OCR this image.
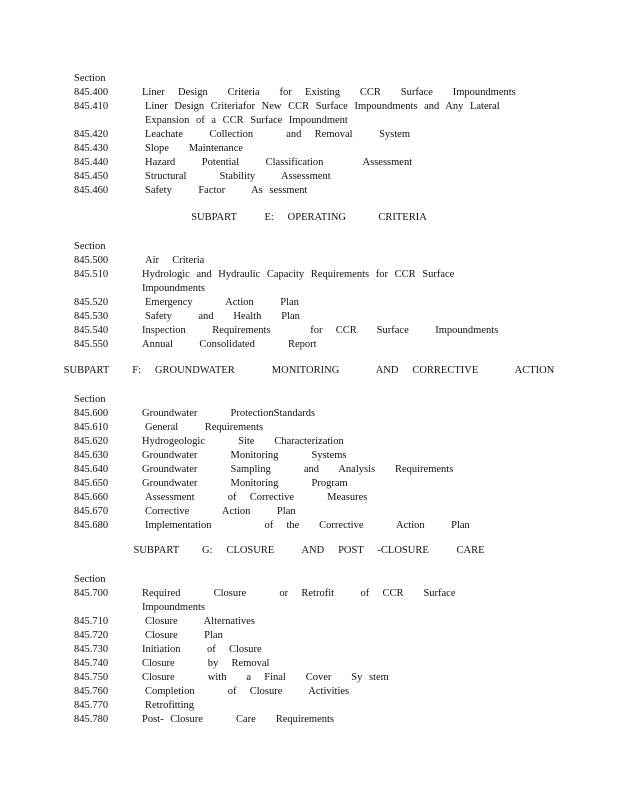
Section
845.400	Liner  Design   Criteria   for  Existing   CCR   Surface   Impoundments
845.410	Liner Design Criteriafor New CCR Surface Impoundments and Any Lateral Expansion of a CCR Surface Impoundment
845.420	Leachate    Collection     and  Removal    System
845.430	Slope   Maintenance
845.440	Hazard    Potential    Classification      Assessment
845.450	Structural     Stability    Assessment
845.460	Safety    Factor    As sessment
SUBPART      E:   OPERATING       CRITERIA
Section
845.500	Air  Criteria
845.510	Hydrologic and Hydraulic Capacity Requirements for CCR Surface Impoundments
845.520	Emergency     Action    Plan
845.530	Safety    and   Health   Plan
845.540	Inspection    Requirements      for  CCR   Surface    Impoundments
845.550	Annual    Consolidated     Report
SUBPART     F:   GROUNDWATER        MONITORING        AND   CORRECTIVE        ACTION
Section
845.600	Groundwater     ProtectionStandards
845.610	General    Requirements
845.620	Hydrogeologic     Site   Characterization
845.630	Groundwater     Monitoring     Systems
845.640	Groundwater     Sampling     and   Analysis   Requirements
845.650	Groundwater     Monitoring     Program
845.660	Assessment     of  Corrective     Measures
845.670	Corrective     Action    Plan
845.680	Implementation        of  the   Corrective     Action    Plan
SUBPART     G:   CLOSURE      AND   POST   -CLOSURE      CARE
Section
845.700	Required     Closure     or  Retrofit    of  CCR   Surface    Impoundments
845.710	Closure    Alternatives
845.720	Closure    Plan
845.730	Initiation    of  Closure
845.740	Closure     by  Removal
845.750	Closure     with   a  Final   Cover   Sy stem
845.760	Completion     of  Closure    Activities
845.770	Retrofitting
845.780	Post- Closure     Care   Requirements
